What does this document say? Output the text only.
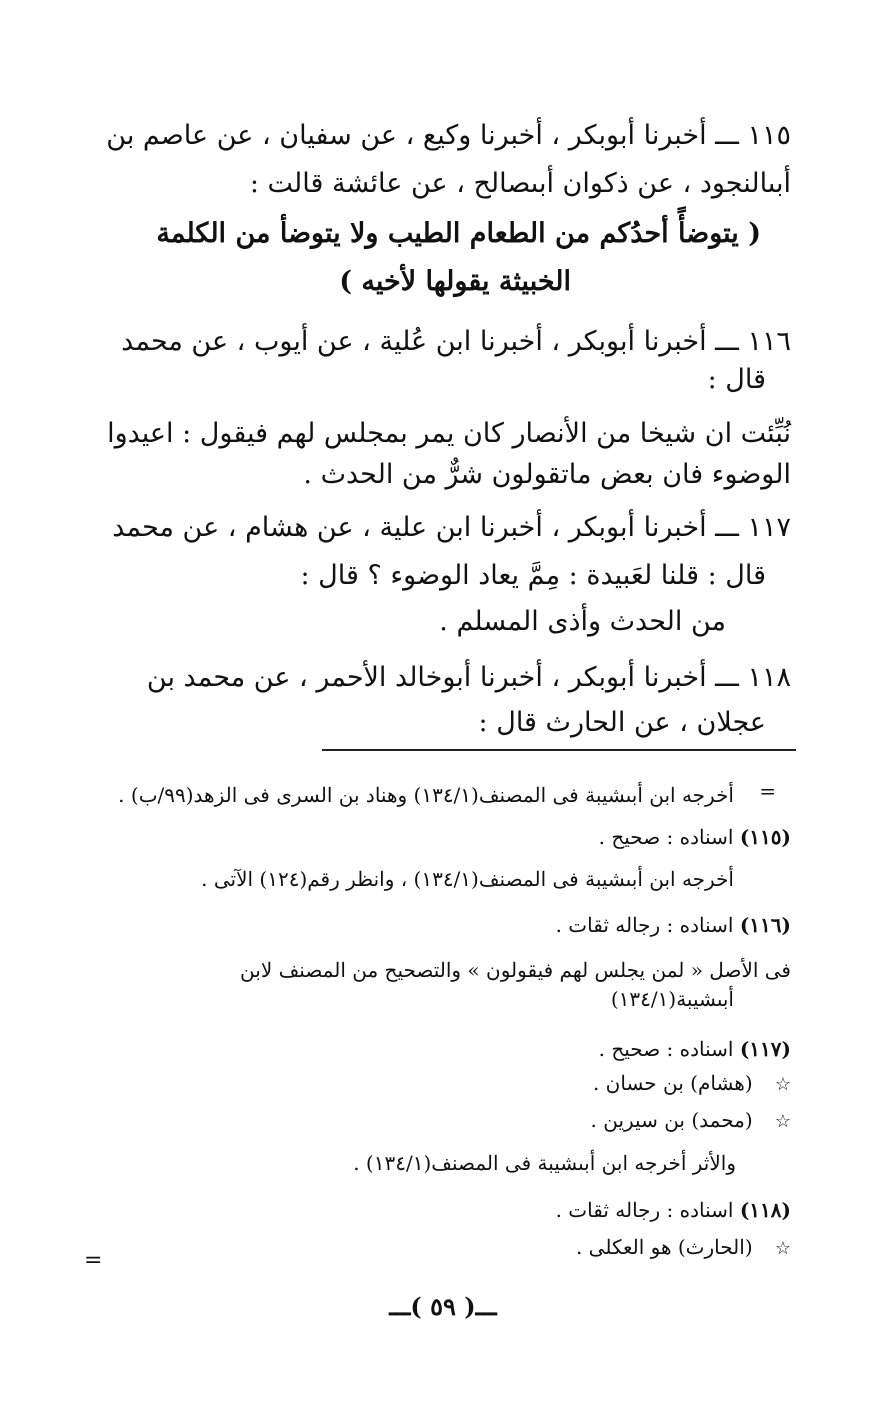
١١٥ ـــ أخبرنا أبوبكر ، أخبرنا وكيع ، عن سفيان ، عن عاصم بن
أبىالنجود ، عن ذكوان أبىصالح ، عن عائشة قالت :
( يتوضأً أحدُكم من الطعام الطيب ولا يتوضأ من الكلمة
الخبيثة يقولها لأخيه )
١١٦ ـــ أخبرنا أبوبكر ، أخبرنا ابن عُلية ، عن أيوب ، عن محمد
قال :
نُبِّئت ان شيخا من الأنصار كان يمر بمجلس لهم فيقول : اعيدوا
الوضوء فان بعض ماتقولون شرٌّ من الحدث .
١١٧ ـــ أخبرنا أبوبكر ، أخبرنا ابن علية ، عن هشام ، عن محمد
قال : قلنا لعَبيدة : مِمَّ يعاد الوضوء ؟ قال :
من الحدث وأذى المسلم .
١١٨ ـــ أخبرنا أبوبكر ، أخبرنا أبوخالد الأحمر ، عن محمد بن
عجلان ، عن الحارث قال :
=
أخرجه ابن أبىشيبة فى المصنف(١٣٤/١) وهناد بن السرى فى الزهد(٩٩/ب) .
(١١٥) اسناده : صحيح .
أخرجه ابن أبىشيبة فى المصنف(١٣٤/١) ، وانظر رقم(١٢٤) الآتى .
(١١٦) اسناده : رجاله ثقات .
فى الأصل « لمن يجلس لهم فيقولون » والتصحيح من المصنف لابن
أبىشيبة(١٣٤/١)
(١١٧) اسناده : صحيح .
☆ (هشام) بن حسان .
☆ (محمد) بن سيرين .
والأثر أخرجه ابن أبىشيبة فى المصنف(١٣٤/١) .
(١١٨) اسناده : رجاله ثقات .
☆ (الحارث) هو العكلى .
=
ـــ( ٥٩ )ـــ
